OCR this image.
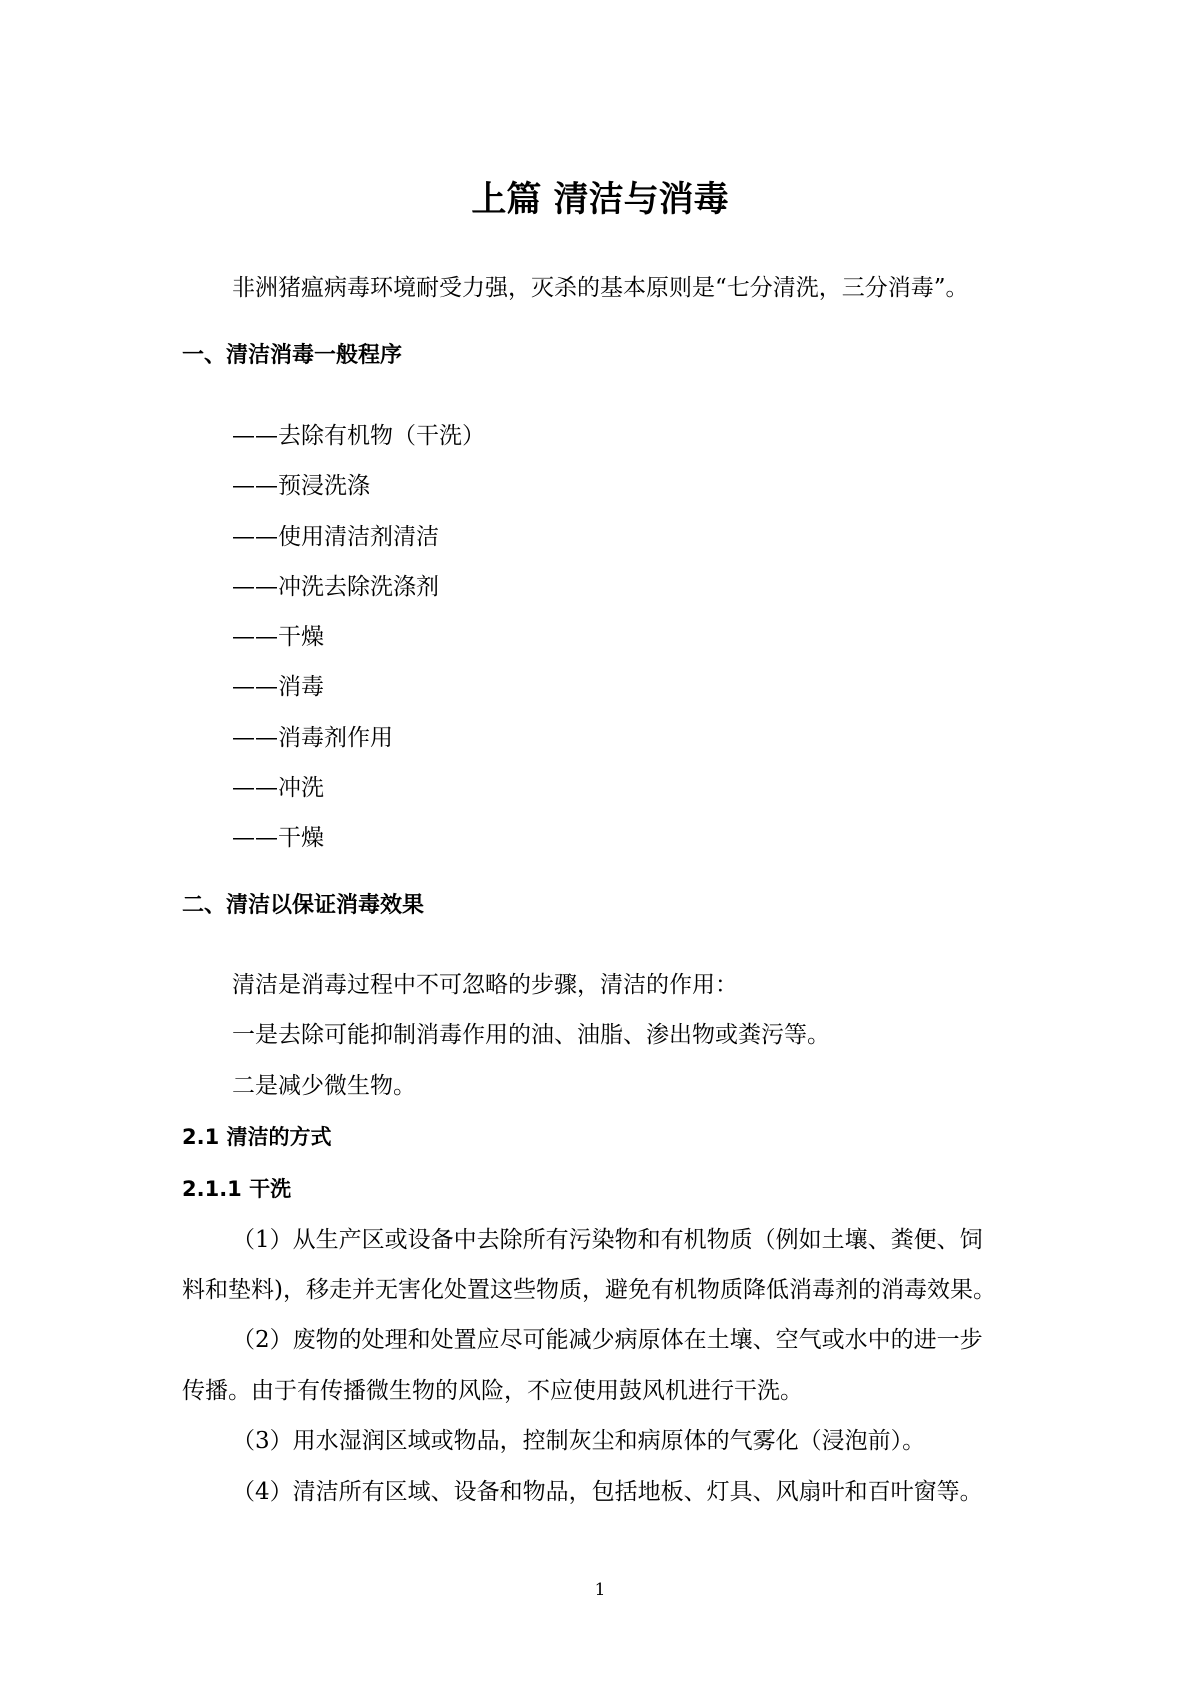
上篇 清洁与消毒
非洲猪瘟病毒环境耐受力强，灭杀的基本原则是“七分清洗，三分消毒”。
一、清洁消毒一般程序
——去除有机物（干洗）
——预浸洗涤
——使用清洁剂清洁
——冲洗去除洗涤剂
——干燥
——消毒
——消毒剂作用
——冲洗
——干燥
二、清洁以保证消毒效果
清洁是消毒过程中不可忽略的步骤，清洁的作用：
一是去除可能抑制消毒作用的油、油脂、渗出物或粪污等。
二是减少微生物。
2.1 清洁的方式
2.1.1 干洗
（1）从生产区或设备中去除所有污染物和有机物质（例如土壤、粪便、饲
料和垫料)，移走并无害化处置这些物质，避免有机物质降低消毒剂的消毒效果。
（2）废物的处理和处置应尽可能减少病原体在土壤、空气或水中的进一步
传播。由于有传播微生物的风险，不应使用鼓风机进行干洗。
（3）用水湿润区域或物品，控制灰尘和病原体的气雾化（浸泡前）。
（4）清洁所有区域、设备和物品，包括地板、灯具、风扇叶和百叶窗等。
1
